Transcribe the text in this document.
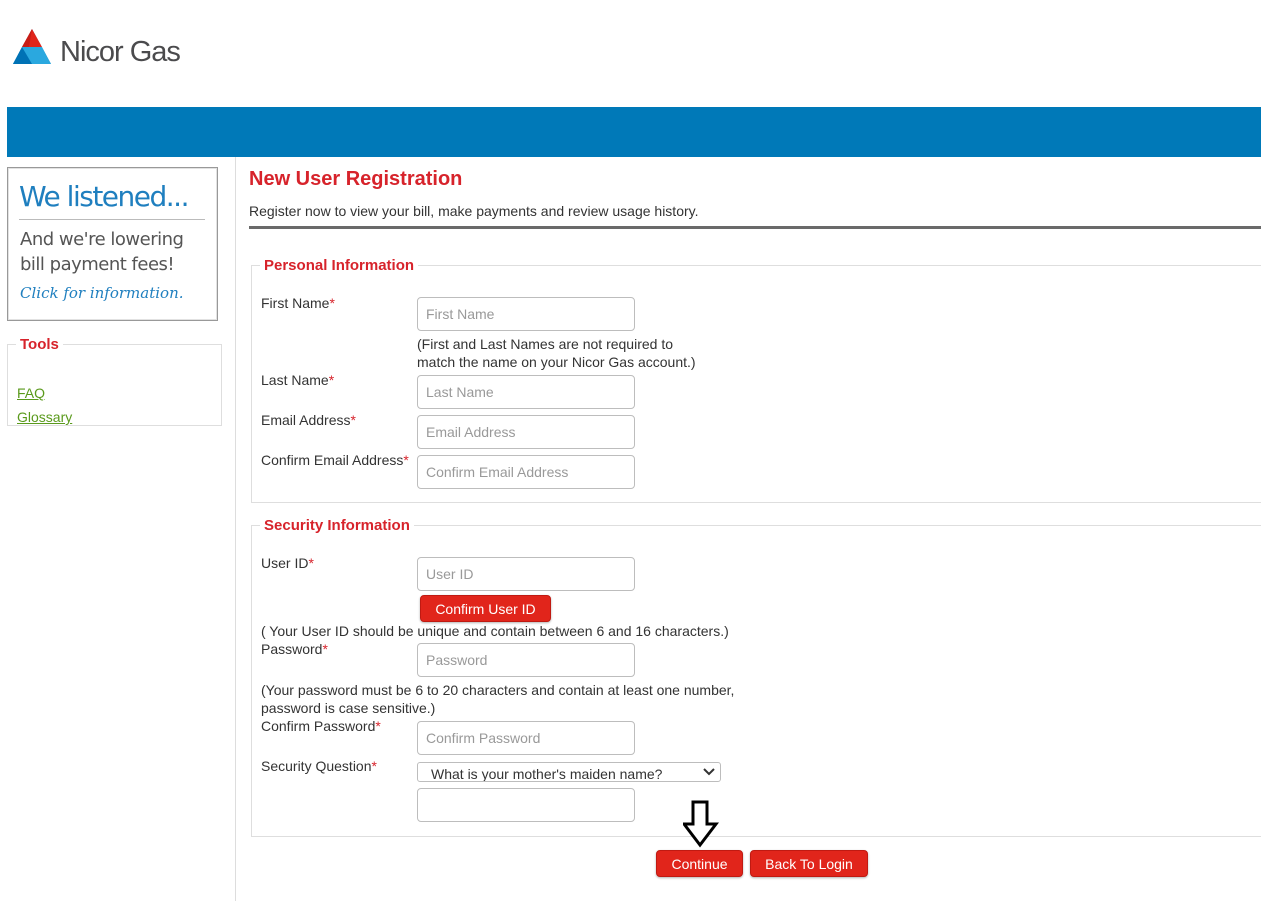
Nicor Gas
We listened...
And we're lowering
bill payment fees!
Click for information.
Tools
FAQ
Glossary
New User Registration
Register now to view your bill, make payments and review usage history.
Personal Information
First Name*
First Name
(First and Last Names are not required to
match the name on your Nicor Gas account.)
Last Name*
Last Name
Email Address*
Email Address
Confirm Email Address*
Confirm Email Address
Security Information
User ID*
User ID
Confirm User ID
( Your User ID should be unique and contain between 6 and 16 characters.)
Password*
(Your password must be 6 to 20 characters and contain at least one number,
password is case sensitive.)
Confirm Password*
Security Question*	What is your mother's maiden name?
Continue	Back To Login
